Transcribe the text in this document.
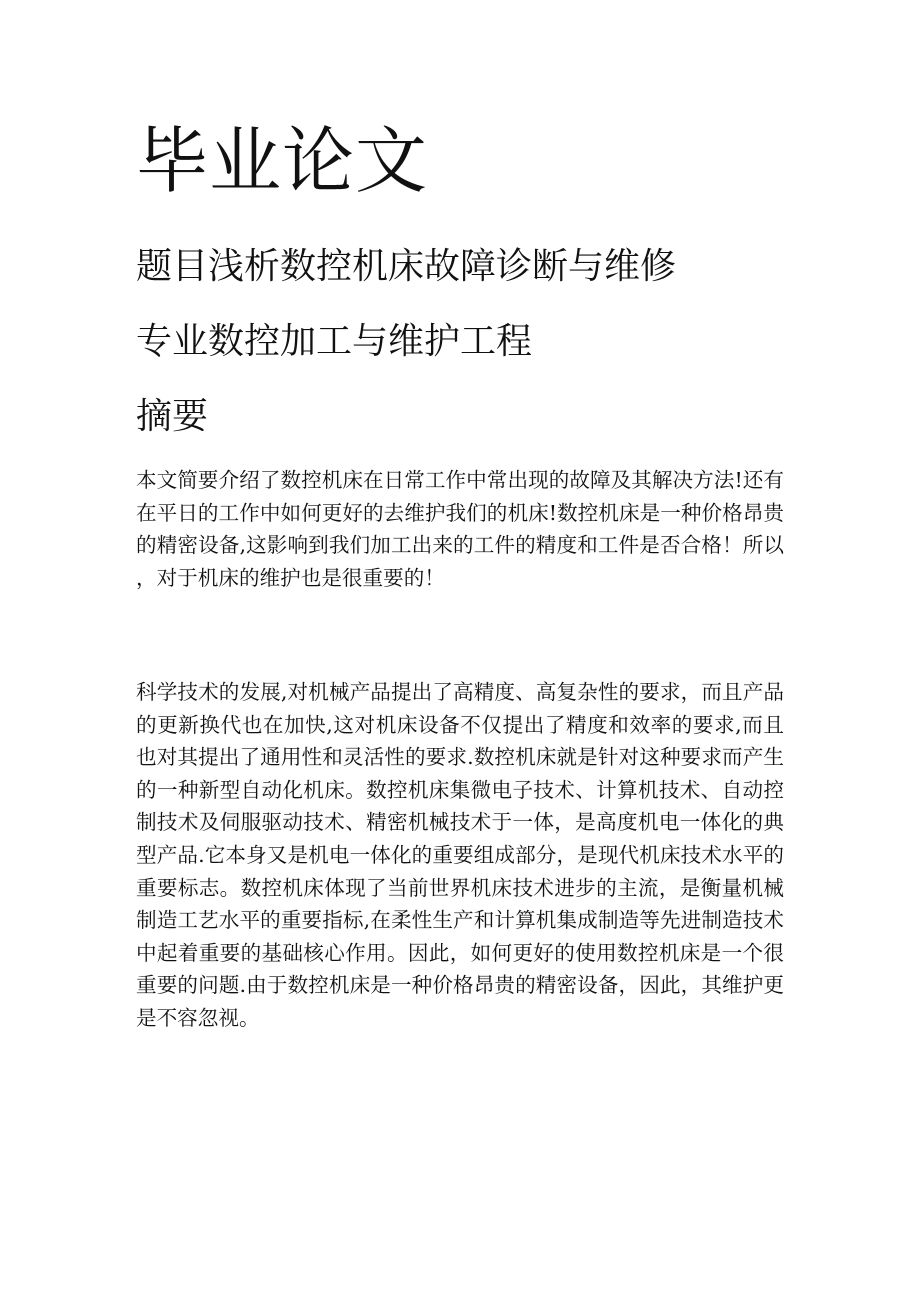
毕业论文
题目浅析数控机床故障诊断与维修
专业数控加工与维护工程
摘要

本文简要介绍了数控机床在日常工作中常出现的故障及其解决方法!还有在平日的工作中如何更好的去维护我们的机床!数控机床是一种价格昂贵的精密设备,这影响到我们加工出来的工件的精度和工件是否合格！所以，对于机床的维护也是很重要的！

科学技术的发展,对机械产品提出了高精度、高复杂性的要求，而且产品的更新换代也在加快,这对机床设备不仅提出了精度和效率的要求,而且也对其提出了通用性和灵活性的要求.数控机床就是针对这种要求而产生的一种新型自动化机床。数控机床集微电子技术、计算机技术、自动控制技术及伺服驱动技术、精密机械技术于一体，是高度机电一体化的典型产品.它本身又是机电一体化的重要组成部分，是现代机床技术水平的重要标志。数控机床体现了当前世界机床技术进步的主流，是衡量机械制造工艺水平的重要指标,在柔性生产和计算机集成制造等先进制造技术中起着重要的基础核心作用。因此，如何更好的使用数控机床是一个很重要的问题.由于数控机床是一种价格昂贵的精密设备，因此，其维护更是不容忽视。
